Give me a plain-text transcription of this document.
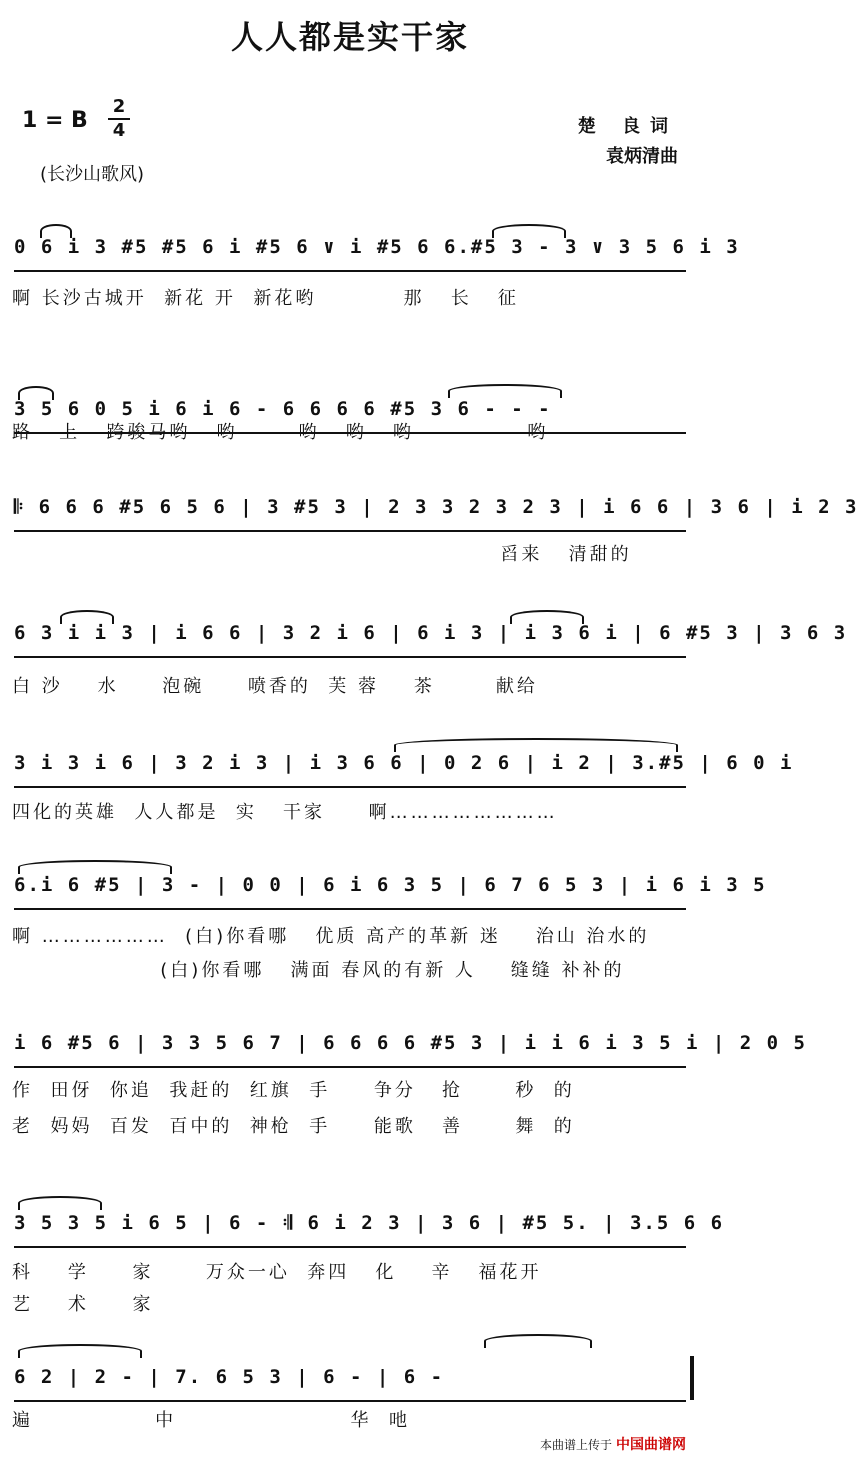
人人都是实干家
1 = B
2
4
(长沙山歌风)
楚 良词
袁炳清曲
0 6 i 3 #5 #5 6 i #5 6 ∨ i #5 6 6.#5 3 - 3 ∨ 3 5 6 i 3
啊 长沙古城开  新花 开  新花哟          那   长   征
3 5 6 0 5 i 6 i 6 - 6 6 6 6 #5 3 6 - - -
路   上   跨骏马哟   哟       哟   哟   哟             哟
𝄆 6 6 6 #5 6 5 6 | 3 #5 3 | 2 3 3 2 3 2 3 | i 6 6 | 3 6 | i 2 3
舀来   清甜的
6 3 i i 3 | i 6 6 | 3 2 i 6 | 6 i 3 | i 3 6 i | 6 #5 3 | 3 6 3
白 沙    水     泡碗     喷香的  芙 蓉    茶       献给
3 i 3 i 6 | 3 2 i 3 | i 3 6 6 | 0 2 6 | i 2 | 3.#5 | 6 0 i
四化的英雄  人人都是  实   干家     啊……………………
6.i 6 #5 | 3 - | 0 0 | 6 i 6 3 5 | 6 7 6 5 3 | i 6 i 3 5
啊 ………………  (白)你看哪   优质 高产的革新 迷    治山 治水的
(白)你看哪   满面 春风的有新 人    缝缝 补补的
i 6 #5 6 | 3 3 5 6 7 | 6 6 6 6 #5 3 | i i 6 i 3 5 i | 2 0 5
作  田伢  你追  我赶的  红旗  手     争分   抢      秒  的
老  妈妈  百发  百中的  神枪  手     能歌   善      舞  的
3 5 3 5 i 6 5 | 6 - 𝄇 6 i 2 3 | 3 6 | #5 5. | 3.5 6 6
科    学     家      万众一心  奔四   化    辛   福花开
艺    术     家
6 2 | 2 - | 7. 6 5 3 | 6 - | 6 -
遍              中                    华  吔
本曲谱上传于 中国曲谱网
